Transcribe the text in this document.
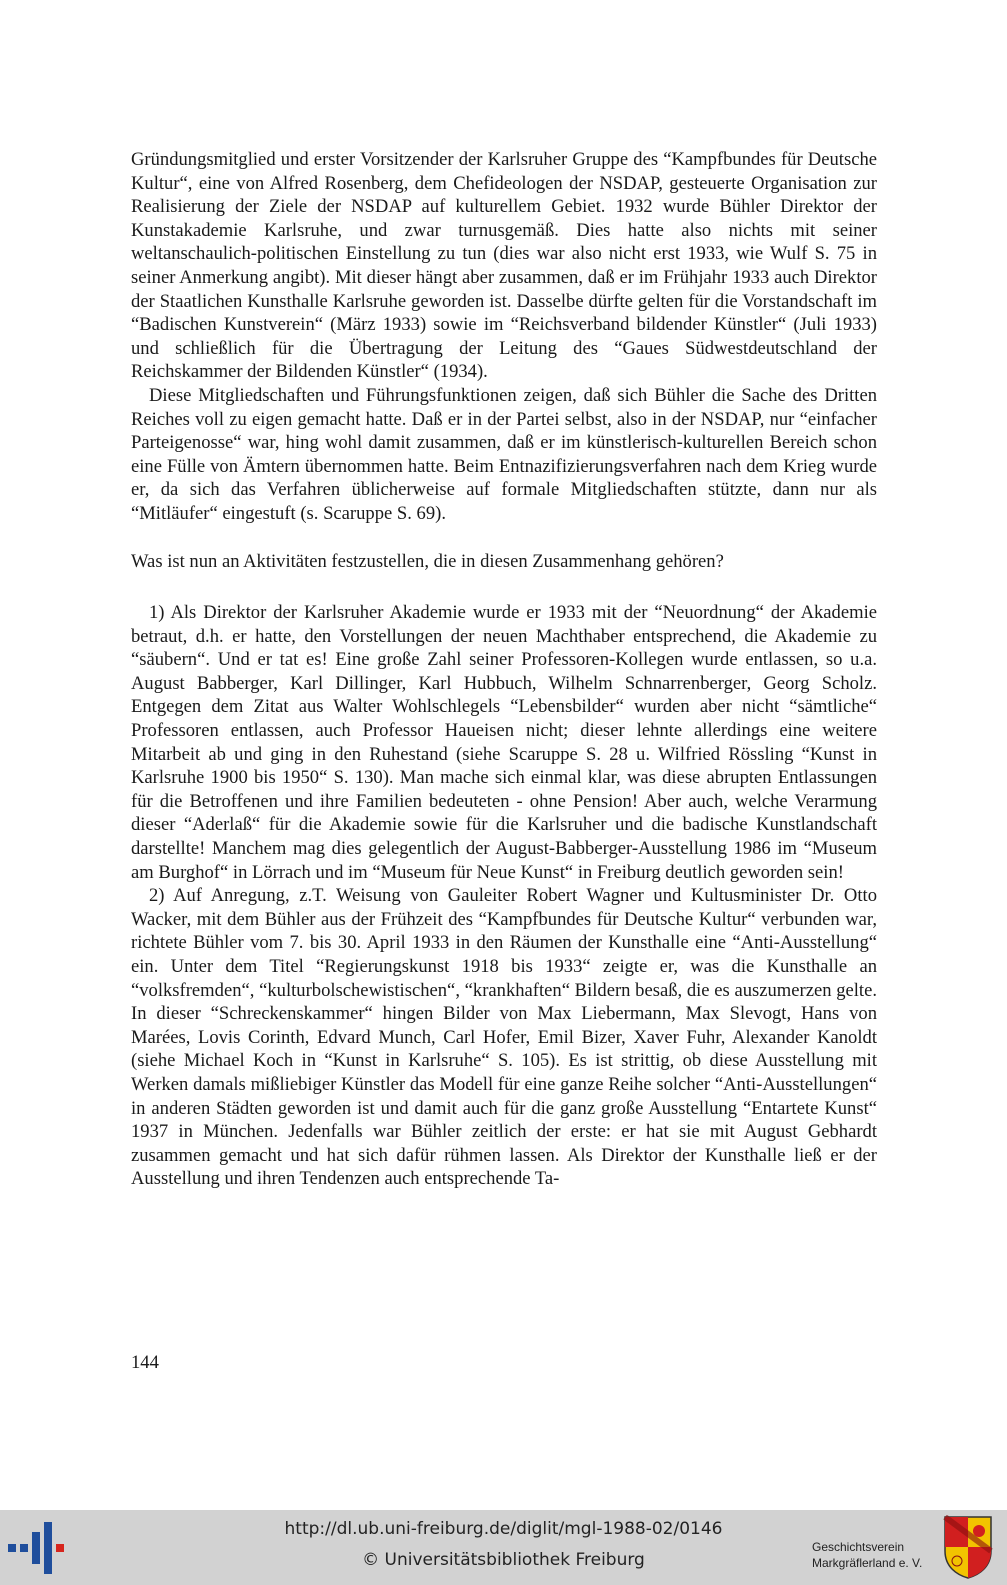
Gründungsmitglied und erster Vorsitzender der Karlsruher Gruppe des “Kampfbundes für Deutsche Kultur“, eine von Alfred Rosenberg, dem Chefideologen der NSDAP, gesteuerte Organisation zur Realisierung der Ziele der NSDAP auf kulturellem Gebiet. 1932 wurde Bühler Direktor der Kunstakademie Karlsruhe, und zwar turnusgemäß. Dies hatte also nichts mit seiner weltanschaulich-politischen Einstellung zu tun (dies war also nicht erst 1933, wie Wulf S. 75 in seiner Anmerkung angibt). Mit dieser hängt aber zusammen, daß er im Frühjahr 1933 auch Direktor der Staatlichen Kunsthalle Karlsruhe geworden ist. Dasselbe dürfte gelten für die Vorstandschaft im “Badischen Kunstverein“ (März 1933) sowie im “Reichsverband bildender Künstler“ (Juli 1933) und schließlich für die Übertragung der Leitung des “Gaues Südwestdeutschland der Reichskammer der Bildenden Künstler“ (1934).

Diese Mitgliedschaften und Führungsfunktionen zeigen, daß sich Bühler die Sache des Dritten Reiches voll zu eigen gemacht hatte. Daß er in der Partei selbst, also in der NSDAP, nur “einfacher Parteigenosse“ war, hing wohl damit zusammen, daß er im künstlerisch-kulturellen Bereich schon eine Fülle von Ämtern übernommen hatte. Beim Entnazifizierungsverfahren nach dem Krieg wurde er, da sich das Verfahren üblicherweise auf formale Mitgliedschaften stützte, dann nur als “Mitläufer“ eingestuft (s. Scaruppe S. 69).

Was ist nun an Aktivitäten festzustellen, die in diesen Zusammenhang gehören?

1) Als Direktor der Karlsruher Akademie wurde er 1933 mit der “Neuordnung“ der Akademie betraut, d.h. er hatte, den Vorstellungen der neuen Machthaber entsprechend, die Akademie zu “säubern“. Und er tat es! Eine große Zahl seiner Professoren-Kollegen wurde entlassen, so u.a. August Babberger, Karl Dillinger, Karl Hubbuch, Wilhelm Schnarrenberger, Georg Scholz. Entgegen dem Zitat aus Walter Wohlschlegels “Lebensbilder“ wurden aber nicht “sämtliche“ Professoren entlassen, auch Professor Haueisen nicht; dieser lehnte allerdings eine weitere Mitarbeit ab und ging in den Ruhestand (siehe Scaruppe S. 28 u. Wilfried Rössling “Kunst in Karlsruhe 1900 bis 1950“ S. 130). Man mache sich einmal klar, was diese abrupten Entlassungen für die Betroffenen und ihre Familien bedeuteten - ohne Pension! Aber auch, welche Verarmung dieser “Aderlaß“ für die Akademie sowie für die Karlsruher und die badische Kunstlandschaft darstellte! Manchem mag dies gelegentlich der August-Babberger-Ausstellung 1986 im “Museum am Burghof“ in Lörrach und im “Museum für Neue Kunst“ in Freiburg deutlich geworden sein!

2) Auf Anregung, z.T. Weisung von Gauleiter Robert Wagner und Kultusminister Dr. Otto Wacker, mit dem Bühler aus der Frühzeit des “Kampfbundes für Deutsche Kultur“ verbunden war, richtete Bühler vom 7. bis 30. April 1933 in den Räumen der Kunsthalle eine “Anti-Ausstellung“ ein. Unter dem Titel “Regierungskunst 1918 bis 1933“ zeigte er, was die Kunsthalle an “volksfremden“, “kulturbolschewistischen“, “krankhaften“ Bildern besaß, die es auszumerzen gelte. In dieser “Schreckenskammer“ hingen Bilder von Max Liebermann, Max Slevogt, Hans von Marées, Lovis Corinth, Edvard Munch, Carl Hofer, Emil Bizer, Xaver Fuhr, Alexander Kanoldt (siehe Michael Koch in “Kunst in Karlsruhe“ S. 105). Es ist strittig, ob diese Ausstellung mit Werken damals mißliebiger Künstler das Modell für eine ganze Reihe solcher “Anti-Ausstellungen“ in anderen Städten geworden ist und damit auch für die ganz große Ausstellung “Entartete Kunst“ 1937 in München. Jedenfalls war Bühler zeitlich der erste: er hat sie mit August Gebhardt zusammen gemacht und hat sich dafür rühmen lassen. Als Direktor der Kunsthalle ließ er der Ausstellung und ihren Tendenzen auch entsprechende Ta-

144
http://dl.ub.uni-freiburg.de/diglit/mgl-1988-02/0146
© Universitätsbibliothek Freiburg
Geschichtsverein
Markgräflerland e. V.
